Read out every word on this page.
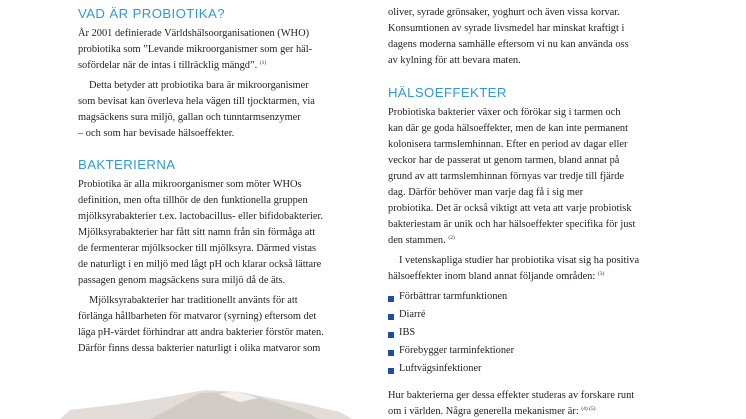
VAD ÄR PROBIOTIKA?
År 2001 definierade Världshälsoorganisationen (WHO)
probiotika som ”Levande mikroorganismer som ger häl-
sofördelar när de intas i tillräcklig mängd”. $^{(1)}$
Detta betyder att probiotika bara är mikroorganismer
som bevisat kan överleva hela vägen till tjocktarmen, via
magsäckens sura miljö, gallan och tunntarmsenzymer
– och som har bevisade hälsoeffekter.
BAKTERIERNA
Probiotika är alla mikroorganismer som möter WHOs
definition, men ofta tillhör de den funktionella gruppen
mjölksyrabakterier t.ex. lactobacillus- eller bifidobakterier.
Mjölksyrabakterier har fått sitt namn från sin förmåga att
de fermenterar mjölksocker till mjölksyra. Därmed vistas
de naturligt i en miljö med lågt pH och klarar också lättare
passagen genom magsäckens sura miljö då de äts.
Mjölksyrabakterier har traditionellt använts för att
förlänga hållbarheten för matvaror (syrning) eftersom det
läga pH-värdet förhindrar att andra bakterier förstör maten.
Därför finns dessa bakterier naturligt i olika matvaror som
oliver, syrade grönsaker, yoghurt och även vissa korvar.
Konsumtionen av syrade livsmedel har minskat kraftigt i
dagens moderna samhälle eftersom vi nu kan använda oss
av kylning för att bevara maten.
HÄLSOEFFEKTER
Probiotiska bakterier växer och förökar sig i tarmen och
kan där ge goda hälsoeffekter, men de kan inte permanent
kolonisera tarmslemhinnan. Efter en period av dagar eller
veckor har de passerat ut genom tarmen, bland annat på
grund av att tarmslemhinnan förnyas var tredje till fjärde
dag. Därför behöver man varje dag få i sig mer
probiotika. Det är också viktigt att veta att varje probiotisk
bakteriestam är unik och har hälsoeffekter specifika för just
den stammen. $^{(2)}$
I vetenskapliga studier har probiotika visat sig ha positiva
hälsoeffekter inom bland annat följande områden: $^{(3)}$
Förbättrar tarmfunktionen
Diarré
IBS
Förebygger tarminfektioner
Luftvägsinfektioner
Hur bakterierna ger dessa effekter studeras av forskare runt
om i världen. Några generella mekanismer är: $^{(4) (5)}$
